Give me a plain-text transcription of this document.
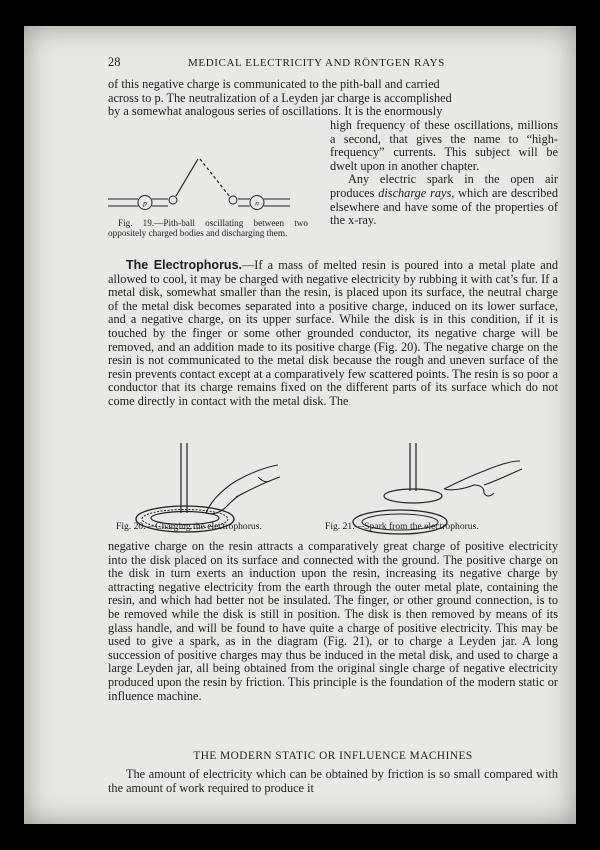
28	MEDICAL ELECTRICITY AND RÖNTGEN RAYS
of this negative charge is communicated to the pith-ball and carried
across to p. The neutralization of a Leyden jar charge is accomplished
by a somewhat analogous series of oscillations. It is the enormously
p	n
Fig. 19.—Pith-ball oscillating between two oppositely charged bodies and discharging them.

high frequency of these oscillations, millions a second, that gives the name to “high-frequency” currents. This subject will be dwelt upon in another chapter.

Any electric spark in the open air produces discharge rays, which are described elsewhere and have some of the properties of the x-ray.

The Electrophorus.—If a mass of melted resin is poured into a metal plate and allowed to cool, it may be charged with negative electricity by rubbing it with cat’s fur. If a metal disk, somewhat smaller than the resin, is placed upon its surface, the neutral charge of the metal disk becomes separated into a positive charge, induced on its lower surface, and a negative charge, on its upper surface. While the disk is in this condition, if it is touched by the finger or some other grounded conductor, its negative charge will be removed, and an addition made to its positive charge (Fig. 20). The negative charge on the resin is not communicated to the metal disk because the rough and uneven surface of the resin prevents contact except at a comparatively few scattered points. The resin is so poor a conductor that its charge remains fixed on the different parts of its surface which do not come directly in contact with the metal disk. The

Fig. 20.—Charging the electrophorus.	Fig. 21.—Spark from the electrophorus.

negative charge on the resin attracts a comparatively great charge of positive electricity into the disk placed on its surface and connected with the ground. The positive charge on the disk in turn exerts an induction upon the resin, increasing its negative charge by attracting negative electricity from the earth through the outer metal plate, containing the resin, and which had better not be insulated. The finger, or other ground connection, is to be removed while the disk is still in position. The disk is then removed by means of its glass handle, and will be found to have quite a charge of positive electricity. This may be used to give a spark, as in the diagram (Fig. 21), or to charge a Leyden jar. A long succession of positive charges may thus be induced in the metal disk, and used to charge a large Leyden jar, all being obtained from the original single charge of negative electricity produced upon the resin by friction. This principle is the foundation of the modern static or influence machine.

THE MODERN STATIC OR INFLUENCE MACHINES

The amount of electricity which can be obtained by friction is so small compared with the amount of work required to produce it
